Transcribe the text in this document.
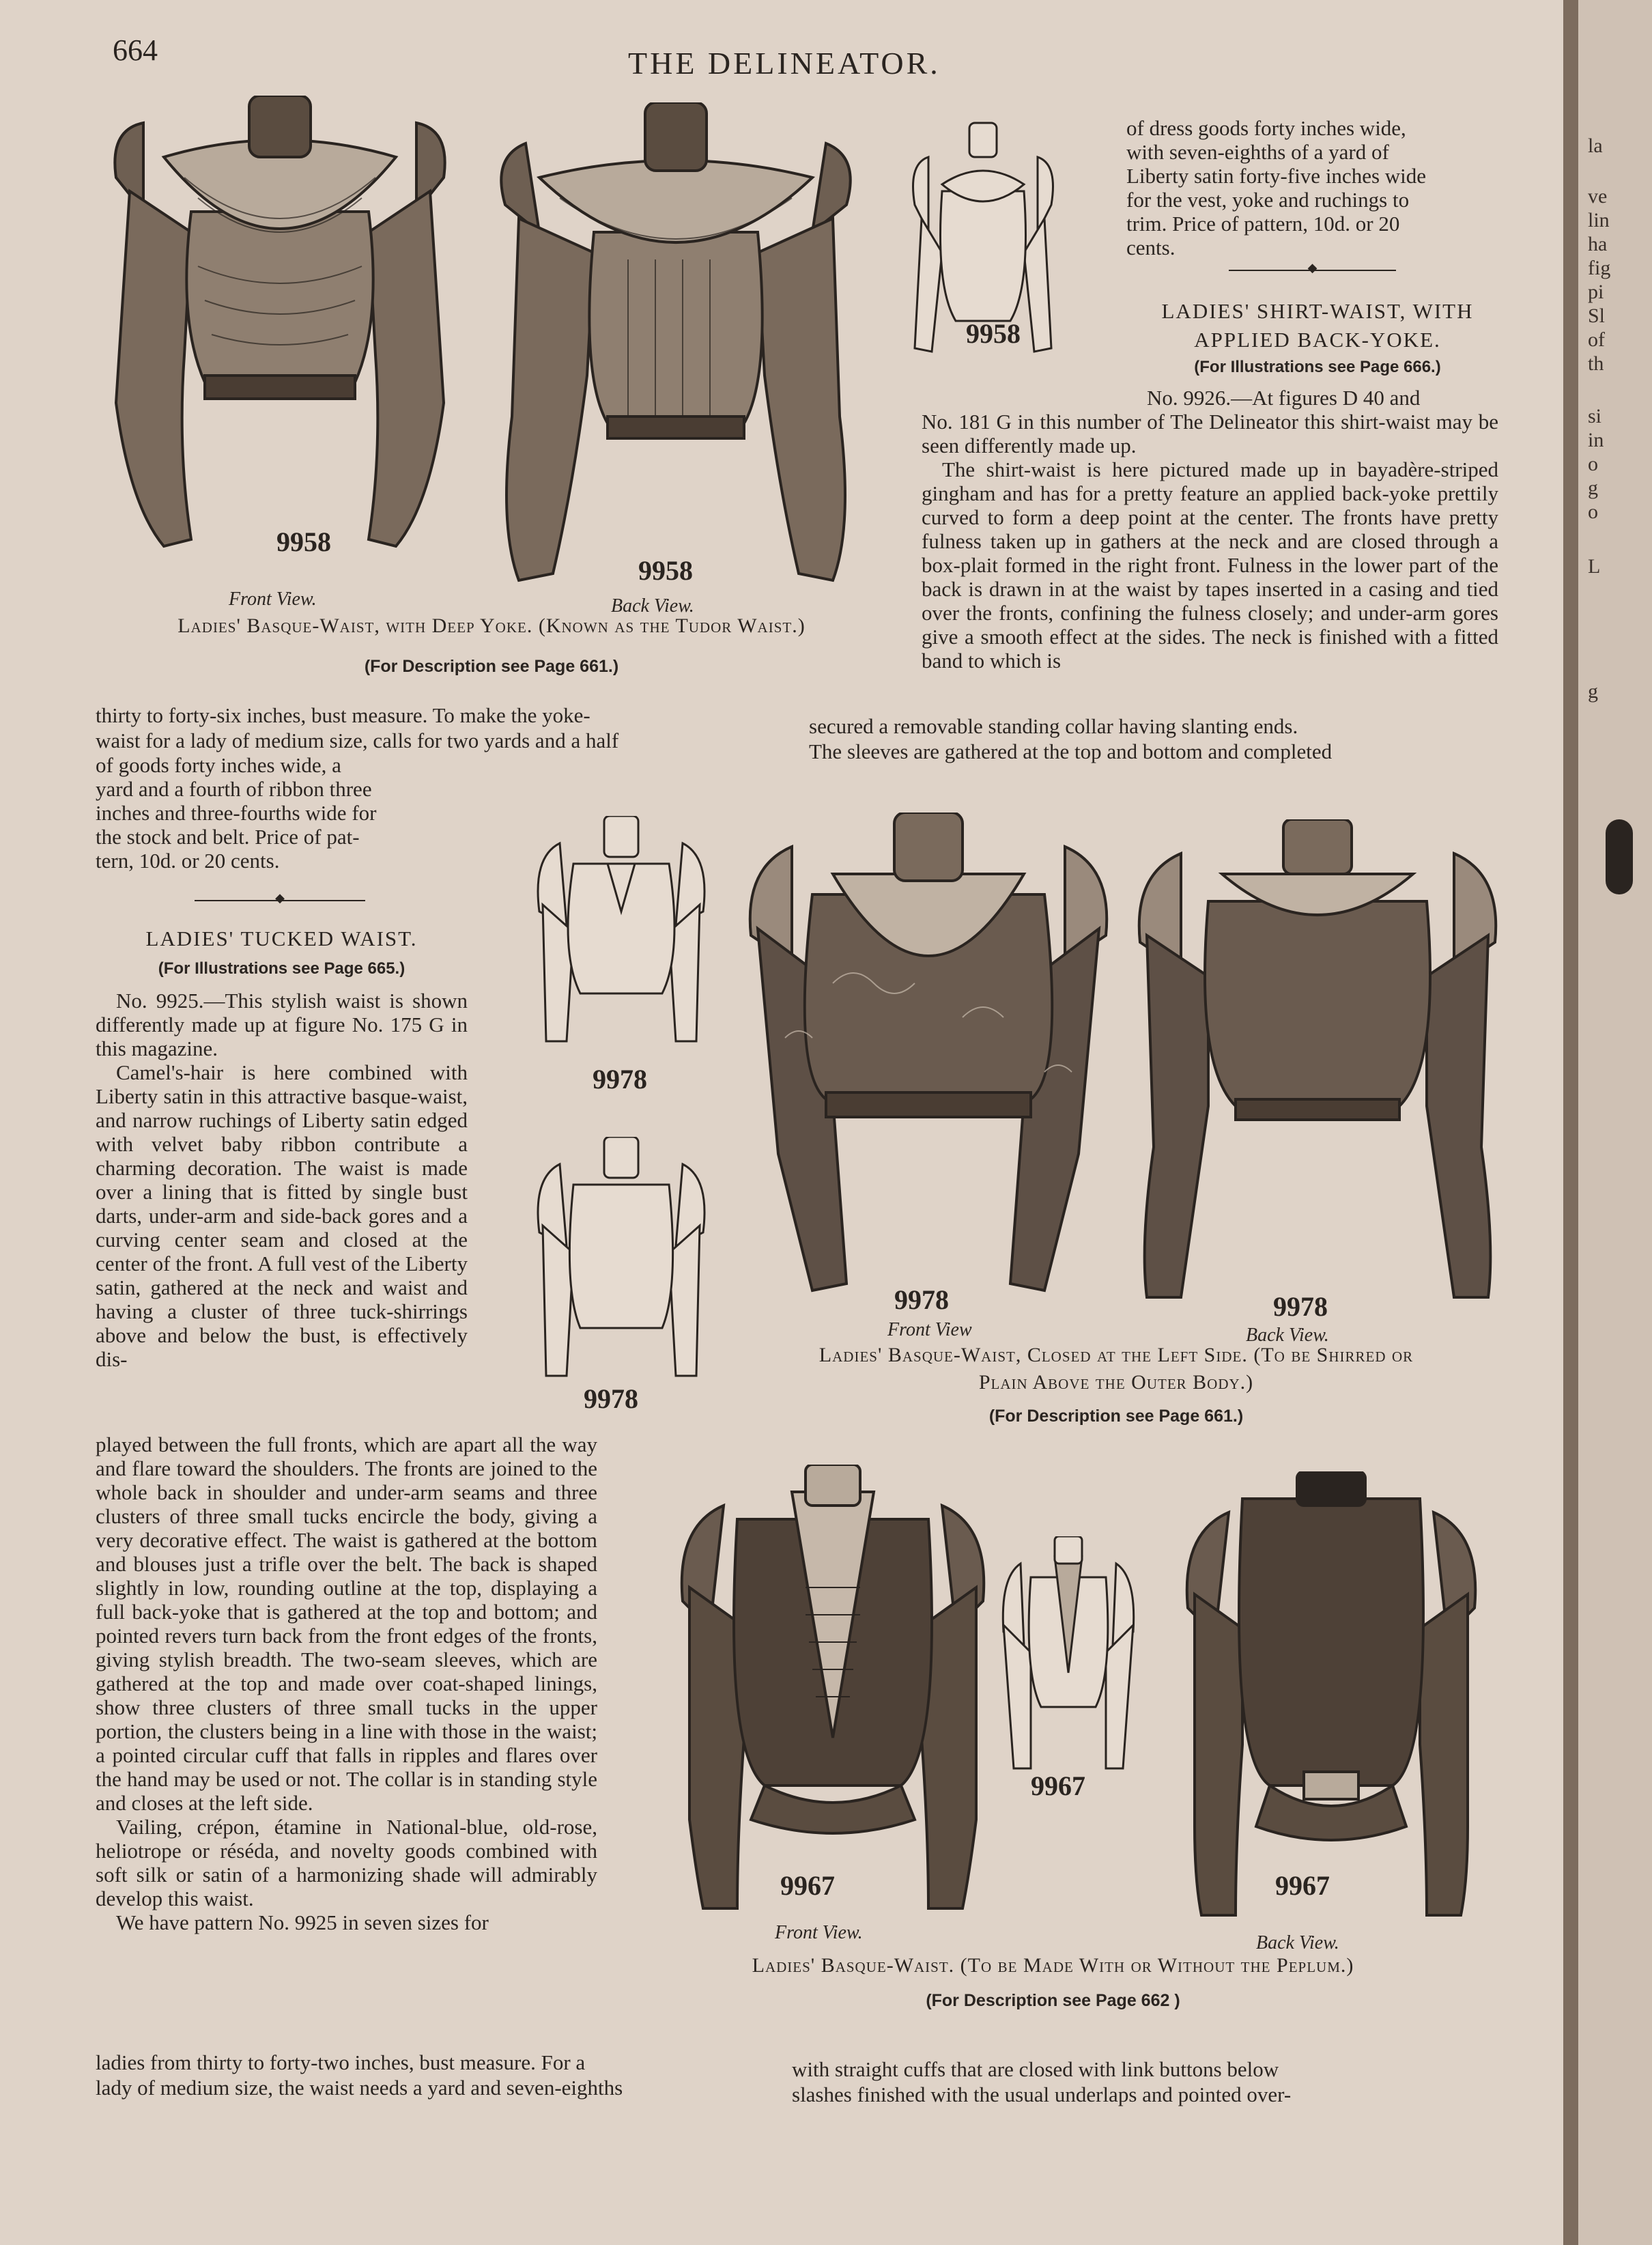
la
ve
lin
ha
fig
pi
Sl
of
th
si
in
o
g
o
L
g
664	THE DELINEATOR.
9958
Front View.
9958
Back View.
9958
Ladies' Basque-Waist, with Deep Yoke. (Known as the Tudor Waist.)
(For Description see Page 661.)
of dress goods forty inches wide,
with seven-eighths of a yard of
Liberty satin forty-five inches wide
for the vest, yoke and ruchings to
trim. Price of pattern, 10d. or 20
cents.
◆
LADIES' SHIRT-WAIST, WITH
APPLIED BACK-YOKE.
(For Illustrations see Page 666.)
No. 9926.—At figures D 40 and

No. 181 G in this number of The Delineator this shirt-waist may be seen differently made up.

The shirt-waist is here pictured made up in bayadère-striped gingham and has for a pretty feature an applied back-yoke prettily curved to form a deep point at the center. The fronts have pretty fulness taken up in gathers at the neck and are closed through a box-plait formed in the right front. Fulness in the lower part of the back is drawn in at the waist by tapes inserted in a casing and tied over the fronts, confining the fulness closely; and under-arm gores give a smooth effect at the sides. The neck is finished with a fitted band to which is

thirty to forty-six inches, bust measure. To make the yoke-
waist for a lady of medium size, calls for two yards and a half
secured a removable standing collar having slanting ends.
The sleeves are gathered at the top and bottom and completed
of goods forty inches wide, a
yard and a fourth of ribbon three
inches and three-fourths wide for
the stock and belt. Price of pat-
tern, 10d. or 20 cents.
◆
LADIES' TUCKED WAIST.
(For Illustrations see Page 665.)

No. 9925.—This stylish waist is shown differently made up at figure No. 175 G in this magazine.

Camel's-hair is here combined with Liberty satin in this attractive basque-waist, and narrow ruchings of Liberty satin edged with velvet baby ribbon contribute a charming decoration. The waist is made over a lining that is fitted by single bust darts, under-arm and side-back gores and a curving center seam and closed at the center of the front. A full vest of the Liberty satin, gathered at the neck and waist and having a cluster of three tuck-shirrings above and below the bust, is effectively dis-

played between the full fronts, which are apart all the way and flare toward the shoulders. The fronts are joined to the whole back in shoulder and under-arm seams and three clusters of three small tucks encircle the body, giving a very decorative effect. The waist is gathered at the bottom and blouses just a trifle over the belt. The back is shaped slightly in low, rounding outline at the top, displaying a full back-yoke that is gathered at the top and bottom; and pointed revers turn back from the front edges of the fronts, giving stylish breadth. The two-seam sleeves, which are gathered at the top and made over coat-shaped linings, show three clusters of three small tucks in the upper portion, the clusters being in a line with those in the waist; a pointed circular cuff that falls in ripples and flares over the hand may be used or not. The collar is in standing style and closes at the left side.

Vailing, crépon, étamine in National-blue, old-rose, heliotrope or réséda, and novelty goods combined with soft silk or satin of a harmonizing shade will admirably develop this waist.

We have pattern No. 9925 in seven sizes for

ladies from thirty to forty-two inches, bust measure. For a
lady of medium size, the waist needs a yard and seven-eighths
9978
9978
9978
Front View
9978
Back View.
Ladies' Basque-Waist, Closed at the Left Side. (To be Shirred or
Plain Above the Outer Body.)
(For Description see Page 661.)
9967
Front View.
9967
9967
Back View.
Ladies' Basque-Waist. (To be Made With or Without the Peplum.)
(For Description see Page 662 )
with straight cuffs that are closed with link buttons below
slashes finished with the usual underlaps and pointed over-
